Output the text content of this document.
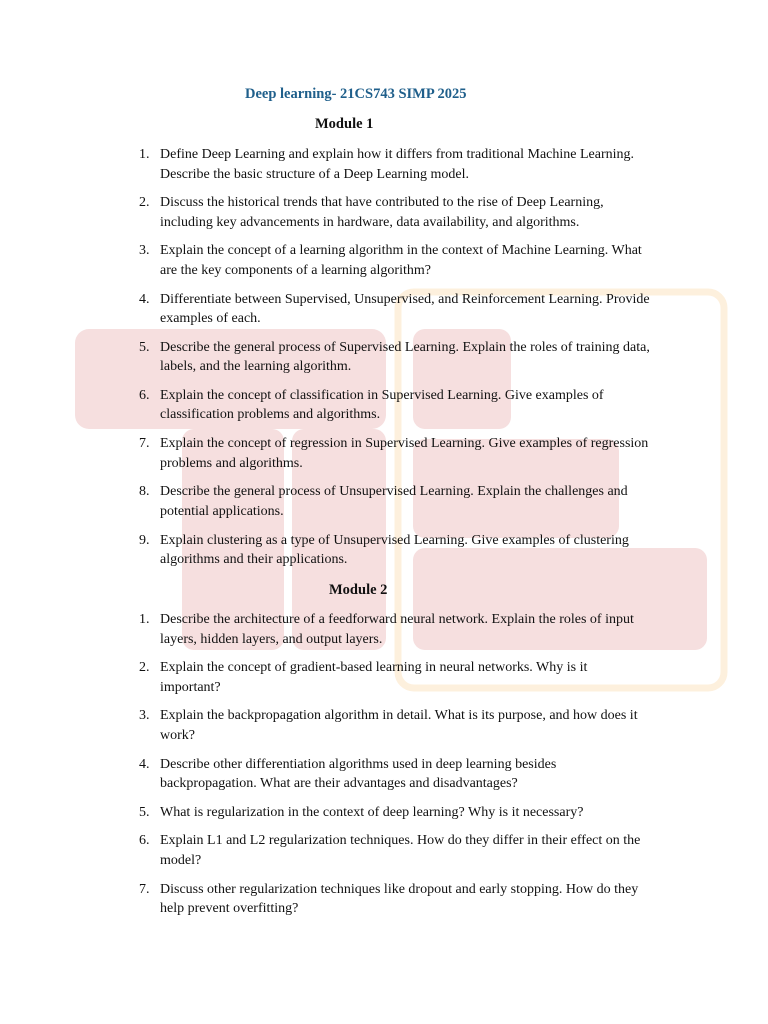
Deep learning- 21CS743 SIMP 2025
Module 1
1. Define Deep Learning and explain how it differs from traditional Machine Learning. Describe the basic structure of a Deep Learning model.
2. Discuss the historical trends that have contributed to the rise of Deep Learning, including key advancements in hardware, data availability, and algorithms.
3. Explain the concept of a learning algorithm in the context of Machine Learning. What are the key components of a learning algorithm?
4. Differentiate between Supervised, Unsupervised, and Reinforcement Learning. Provide examples of each.
5. Describe the general process of Supervised Learning. Explain the roles of training data, labels, and the learning algorithm.
6. Explain the concept of classification in Supervised Learning. Give examples of classification problems and algorithms.
7. Explain the concept of regression in Supervised Learning. Give examples of regression problems and algorithms.
8. Describe the general process of Unsupervised Learning. Explain the challenges and potential applications.
9. Explain clustering as a type of Unsupervised Learning. Give examples of clustering algorithms and their applications.
Module 2
1. Describe the architecture of a feedforward neural network. Explain the roles of input layers, hidden layers, and output layers.
2. Explain the concept of gradient-based learning in neural networks. Why is it important?
3. Explain the backpropagation algorithm in detail. What is its purpose, and how does it work?
4. Describe other differentiation algorithms used in deep learning besides backpropagation. What are their advantages and disadvantages?
5. What is regularization in the context of deep learning? Why is it necessary?
6. Explain L1 and L2 regularization techniques. How do they differ in their effect on the model?
7. Discuss other regularization techniques like dropout and early stopping. How do they help prevent overfitting?
